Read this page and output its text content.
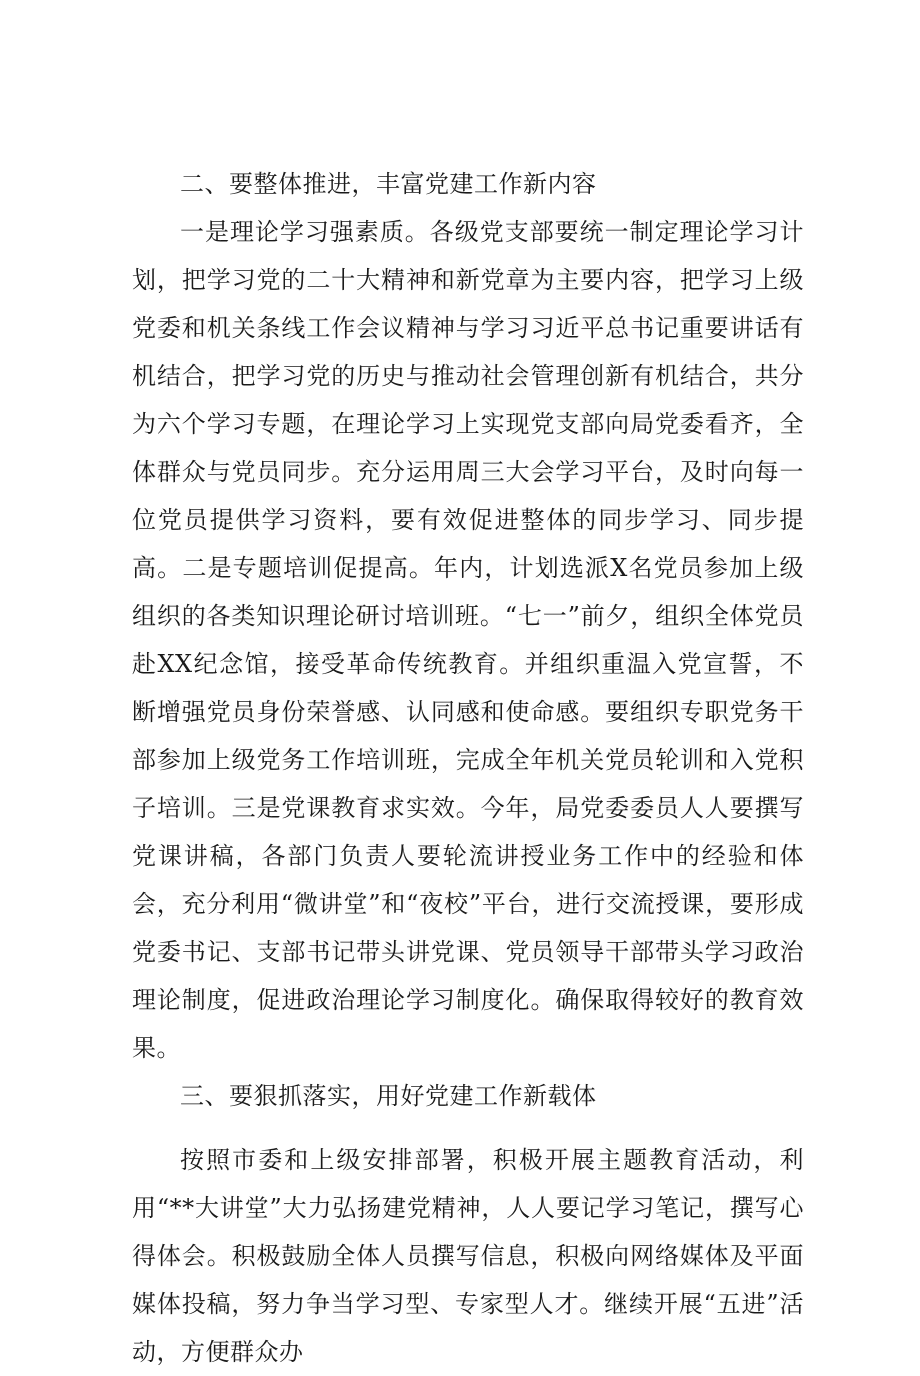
二、要整体推进，丰富党建工作新内容

一是理论学习强素质。各级党支部要统一制定理论学习计划，把学习党的二十大精神和新党章为主要内容，把学习上级党委和机关条线工作会议精神与学习习近平总书记重要讲话有机结合，把学习党的历史与推动社会管理创新有机结合，共分为六个学习专题，在理论学习上实现党支部向局党委看齐，全体群众与党员同步。充分运用周三大会学习平台，及时向每一位党员提供学习资料，要有效促进整体的同步学习、同步提高。二是专题培训促提高。年内，计划选派X名党员参加上级组织的各类知识理论研讨培训班。“七一”前夕，组织全体党员赴XX纪念馆，接受革命传统教育。并组织重温入党宣誓，不断增强党员身份荣誉感、认同感和使命感。要组织专职党务干部参加上级党务工作培训班，完成全年机关党员轮训和入党积子培训。三是党课教育求实效。今年，局党委委员人人要撰写党课讲稿，各部门负责人要轮流讲授业务工作中的经验和体会，充分利用“微讲堂”和“夜校”平台，进行交流授课，要形成党委书记、支部书记带头讲党课、党员领导干部带头学习政治理论制度，促进政治理论学习制度化。确保取得较好的教育效果。

三、要狠抓落实，用好党建工作新载体

按照市委和上级安排部署，积极开展主题教育活动，利用“**大讲堂”大力弘扬建党精神，人人要记学习笔记，撰写心得体会。积极鼓励全体人员撰写信息，积极向网络媒体及平面媒体投稿，努力争当学习型、专家型人才。继续开展“五进”活动，方便群众办
